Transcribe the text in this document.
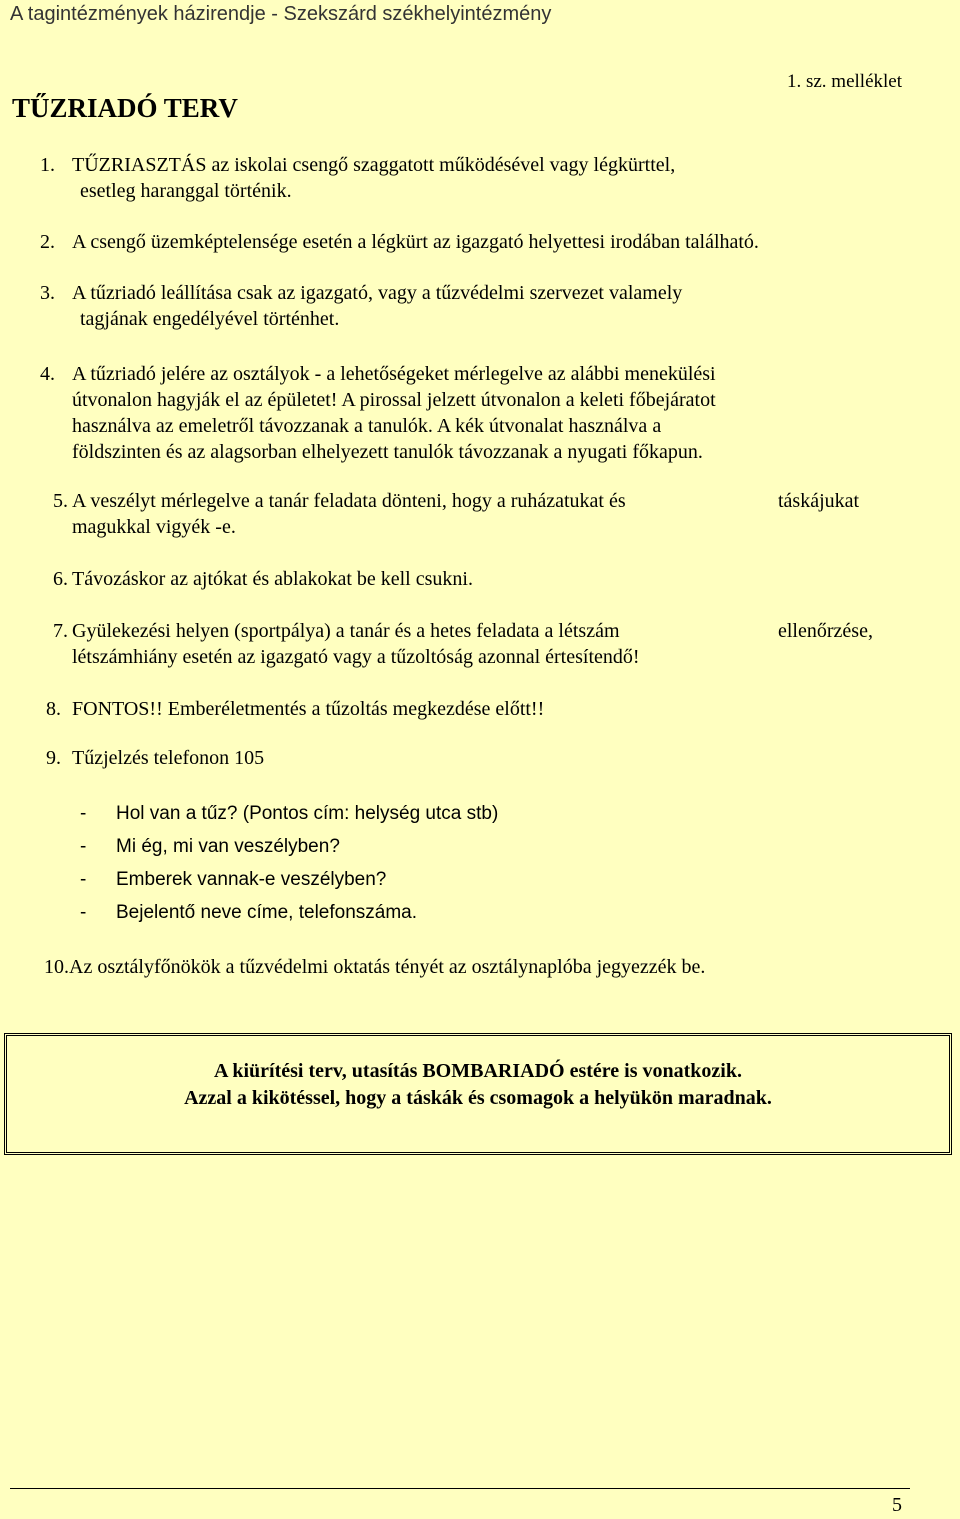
A tagintézmények házirendje - Szekszárd székhelyintézmény
1. sz. melléklet
TŰZRIADÓ TERV
1. TŰZRIASZTÁS az iskolai csengő szaggatott működésével vagy légkürttel,
esetleg haranggal történik.
2. A csengő üzemképtelensége esetén a légkürt az igazgató helyettesi irodában található.
3. A tűzriadó leállítása csak az igazgató, vagy a tűzvédelmi szervezet valamely
tagjának engedélyével történhet.
4. A tűzriadó jelére az osztályok - a lehetőségeket mérlegelve az alábbi menekülési
útvonalon hagyják el az épületet! A pirossal jelzett útvonalon a keleti főbejáratot
használva az emeletről távozzanak a tanulók. A kék útvonalat használva a
földszinten és az alagsorban elhelyezett tanulók távozzanak a nyugati főkapun.
5. A veszélyt mérlegelve a tanár feladata dönteni, hogy a ruházatukat és
magukkal vigyék -e.
táskájukat
6. Távozáskor az ajtókat és ablakokat be kell csukni.
7. Gyülekezési helyen (sportpálya) a tanár és a hetes feladata a létszám
létszámhiány esetén az igazgató vagy a tűzoltóság azonnal értesítendő!
ellenőrzése,
8. FONTOS!! Emberéletmentés a tűzoltás megkezdése előtt!!
9. Tűzjelzés telefonon 105
- Hol van a tűz? (Pontos cím: helység utca stb)
- Mi ég, mi van veszélyben?
- Emberek vannak-e veszélyben?
- Bejelentő neve címe, telefonszáma.
10.Az osztályfőnökök a tűzvédelmi oktatás tényét az osztálynaplóba jegyezzék be.
A kiürítési terv, utasítás BOMBARIADÓ estére is vonatkozik.
Azzal a kikötéssel, hogy a táskák és csomagok a helyükön maradnak.
5
